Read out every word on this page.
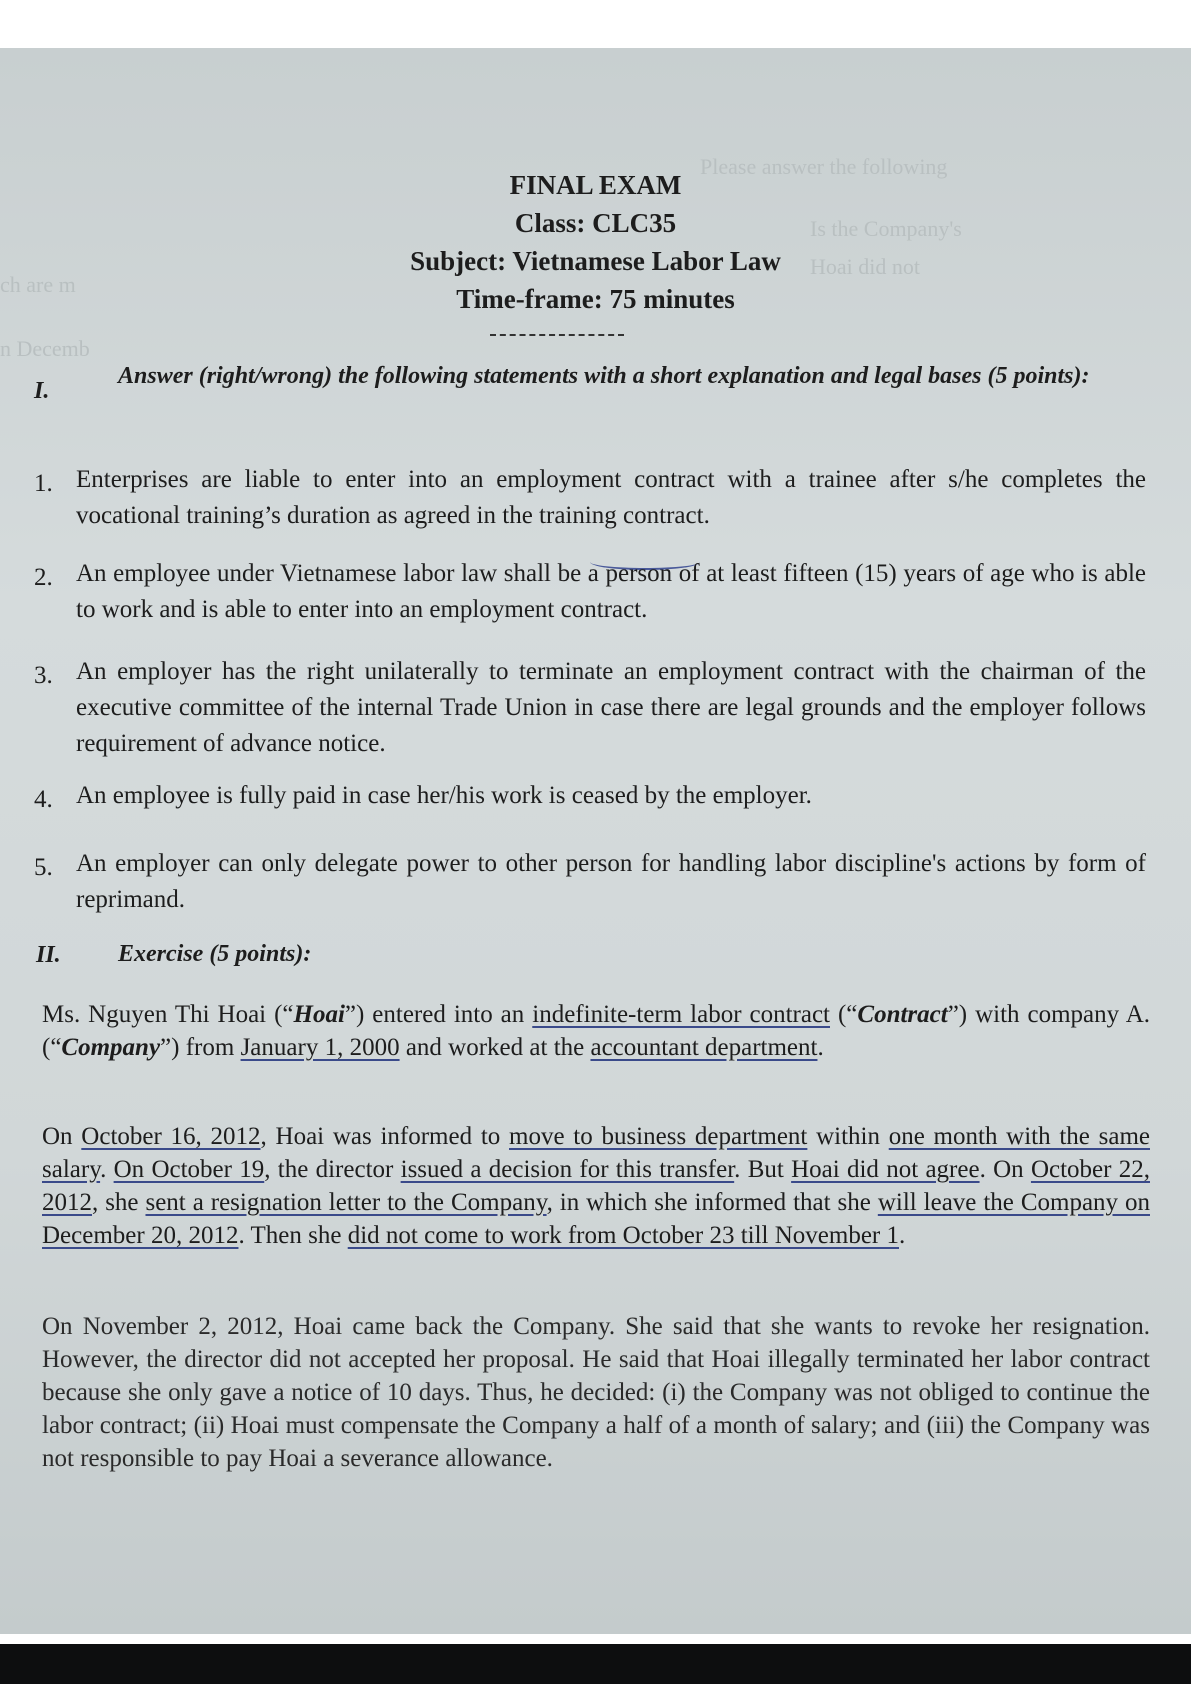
Please answer the following
Is the Company's
Hoai did not
ch are m
n Decemb
FINAL EXAM
Class: CLC35
Subject: Vietnamese Labor Law
Time-frame: 75 minutes
I.
Answer (right/wrong) the following statements with a short explanation and legal bases (5 points):
1. Enterprises are liable to enter into an employment contract with a trainee after s/he completes the vocational training’s duration as agreed in the training contract.
2. An employee under Vietnamese labor law shall be a person of at least fifteen (15) years of age who is able to work and is able to enter into an employment contract.
3. An employer has the right unilaterally to terminate an employment contract with the chairman of the executive committee of the internal Trade Union in case there are legal grounds and the employer follows requirement of advance notice.
4. An employee is fully paid in case her/his work is ceased by the employer.
5. An employer can only delegate power to other person for handling labor discipline's actions by form of reprimand.
II. Exercise (5 points):
Ms. Nguyen Thi Hoai (“Hoai”) entered into an indefinite-term labor contract (“Contract”) with company A. (“Company”) from January 1, 2000 and worked at the accountant department.
On October 16, 2012, Hoai was informed to move to business department within one month with the same salary. On October 19, the director issued a decision for this transfer. But Hoai did not agree. On October 22, 2012, she sent a resignation letter to the Company, in which she informed that she will leave the Company on December 20, 2012. Then she did not come to work from October 23 till November 1.
On November 2, 2012, Hoai came back the Company. She said that she wants to revoke her resignation. However, the director did not accepted her proposal. He said that Hoai illegally terminated her labor contract because she only gave a notice of 10 days. Thus, he decided: (i) the Company was not obliged to continue the labor contract; (ii) Hoai must compensate the Company a half of a month of salary; and (iii) the Company was not responsible to pay Hoai a severance allowance.
